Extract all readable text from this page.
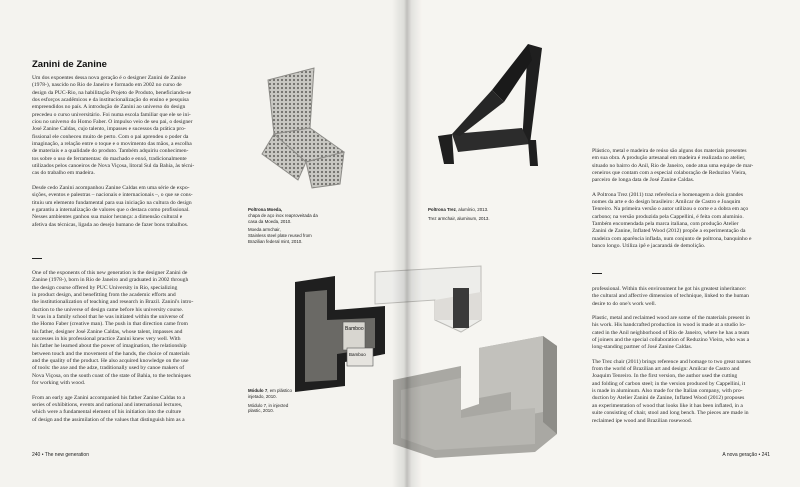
Zanini de Zanine
Um dos expoentes dessa nova geração é o designer Zanini de Zanine
(1978-), nascido no Rio de Janeiro e formado em 2002 no curso de
design da PUC-Rio, na habilitação Projeto de Produto, beneficiando-se
dos esforços acadêmicos e da institucionalização do ensino e pesquisa
empreendidos no país. A introdução de Zanini ao universo do design
precedeu o curso universitário. Foi numa escola familiar que ele se ini-
ciou no universo do Homo Faber. O impulso veio de seu pai, o designer
José Zanine Caldas, cujo talento, impasses e sucessos da prática pro-
fissional ele conheceu muito de perto. Com o pai aprendeu o poder da
imaginação, a relação entre o toque e o movimento das mãos, a escolha
de materiais e a qualidade do produto. Também adquiriu conhecimen-
tos sobre o uso de ferramentas: do machado e enxó, tradicionalmente
utilizados pelos canoeiros de Nova Viçosa, litoral Sul da Bahia, às técni-
cas do trabalho em madeira.
Desde cedo Zanini acompanhou Zanine Caldas em uma série de expo-
sições, eventos e palestras – nacionais e internacionais –, o que se cons-
tituiu um elemento fundamental para sua iniciação na cultura do design
e garantiu a internalização de valores que o destaca como profissional.
Nesses ambientes ganhou sua maior herança: a dimensão cultural e
afetiva das técnicas, ligada ao desejo humano de fazer bons trabalhos.
One of the exponents of this new generation is the designer Zanini de
Zanine (1978-), born in Rio de Janeiro and graduated in 2002 through
the design course offered by PUC University in Rio, specializing
in product design, and benefitting from the academic efforts and
the institutionalization of teaching and research in Brazil. Zanini's intro-
duction to the universe of design came before his university course.
It was in a family school that he was initiated within the universe of
the Homo Faber (creative man). The push in that direction came from
his father, designer José Zanine Caldas, whose talent, impasses and
successes in his professional practice Zanini knew very well. With
his father he learned about the power of imagination, the relationship
between touch and the movement of the hands, the choice of materials
and the quality of the product. He also acquired knowledge on the use
of tools: the axe and the adze, traditionally used by canoe makers of
Nova Viçosa, on the south coast of the state of Bahia, to the techniques
for working with wood.
From an early age Zanini accompanied his father Zanine Caldas to a
series of exhibitions, events and national and international lectures,
which were a fundamental element of his initiation into the culture
of design and the assimilation of the values that distinguish him as a
Poltrona Moeda,
chapa de aço inox reaproveitada da
casa da Moeda, 2010.
Moeda armchair,
Stainless steel plate reused from
Brazilian federal mint, 2010.
Módulo 7, em plástico
injetado, 2010.
Módulo 7, in injected
plastic, 2010.
240 • The new generation
Plástico, metal e madeira de reúso são alguns dos materiais presentes
em sua obra. A produção artesanal em madeira é realizada no atelier,
situado no bairro do Anil, Rio de Janeiro, onde atua uma equipe de mar-
ceneiros que contam com a especial colaboração de Reduzino Vieira,
parceiro de longa data de José Zanine Caldas.
A Poltrona Trez (2011) traz referência e homenagem a dois grandes
nomes da arte e do design brasileiro: Amilcar de Castro e Joaquim
Tenreiro. Na primeira versão o autor utilizou o corte e a dobra em aço
carbono; na versão produzida pela Cappellini, é feita com alumínio.
Também encomendada pela marca italiana, com produção Atelier
Zanini de Zanine, Inflated Wood (2012) propõe a experimentação da
madeira com aparência inflada, num conjunto de poltrona, banquinho e
banco longo. Utiliza ipê e jacarandá de demolição.
professional. Within this environment he got his greatest inheritance:
the cultural and affective dimension of technique, linked to the human
desire to do one's work well.
Plastic, metal and reclaimed wood are some of the materials present in
his work. His handcrafted production in wood is made at a studio lo-
cated in the Anil neighborhood of Rio de Janeiro, where he has a team
of joiners and the special collaboration of Reduzino Vieira, who was a
long-standing partner of José Zanine Caldas.
The Trez chair (2011) brings reference and homage to two great names
from the world of Brazilian art and design: Amilcar de Castro and
Joaquim Tenreiro. In the first version, the author used the cutting
and folding of carbon steel; in the version produced by Cappellini, it
is made in aluminum. Also made for the Italian company, with pro-
duction by Atelier Zanini de Zanine, Inflated Wood (2012) proposes
an experimentation of wood that looks like it has been inflated, in a
suite consisting of chair, stool and long bench. The pieces are made in
reclaimed ipe wood and Brazilian rosewood.
Poltrona Trez, alumínio, 2013.
Trez armchair, aluminum, 2013.
A nova geração • 241
Bamboo
Bamboo
